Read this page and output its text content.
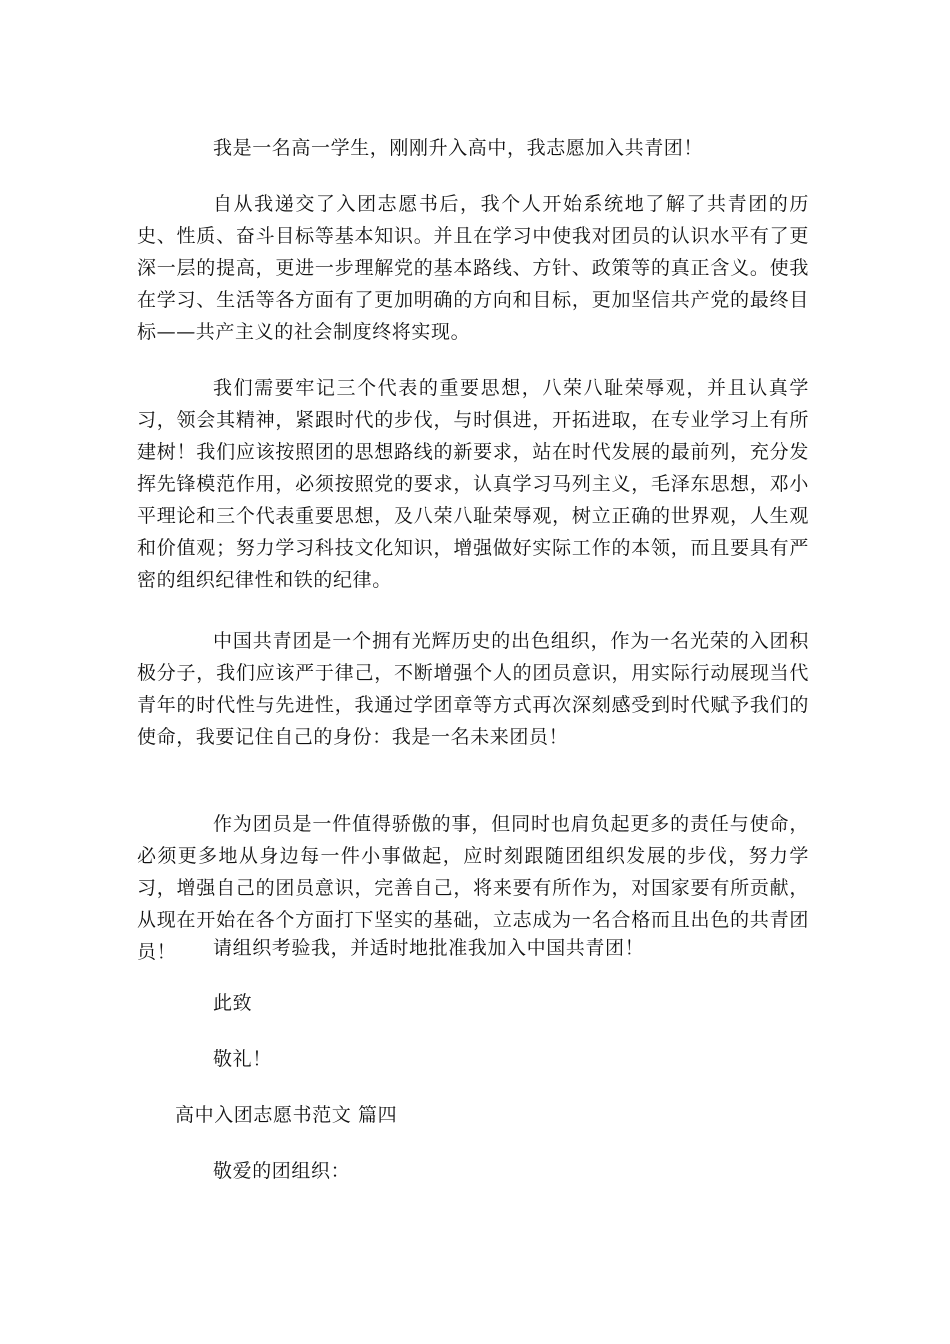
我是一名高一学生，刚刚升入高中，我志愿加入共青团！

自从我递交了入团志愿书后，我个人开始系统地了解了共青团的历史、性质、奋斗目标等基本知识。并且在学习中使我对团员的认识水平有了更深一层的提高，更进一步理解党的基本路线、方针、政策等的真正含义。使我在学习、生活等各方面有了更加明确的方向和目标，更加坚信共产党的最终目标——共产主义的社会制度终将实现。

我们需要牢记三个代表的重要思想，八荣八耻荣辱观，并且认真学习，领会其精神，紧跟时代的步伐，与时俱进，开拓进取，在专业学习上有所建树！我们应该按照团的思想路线的新要求，站在时代发展的最前列，充分发挥先锋模范作用，必须按照党的要求，认真学习马列主义，毛泽东思想，邓小平理论和三个代表重要思想，及八荣八耻荣辱观，树立正确的世界观，人生观和价值观；努力学习科技文化知识，增强做好实际工作的本领，而且要具有严密的组织纪律性和铁的纪律。

中国共青团是一个拥有光辉历史的出色组织，作为一名光荣的入团积极分子，我们应该严于律己，不断增强个人的团员意识，用实际行动展现当代青年的时代性与先进性，我通过学团章等方式再次深刻感受到时代赋予我们的使命，我要记住自己的身份：我是一名未来团员！

作为团员是一件值得骄傲的事，但同时也肩负起更多的责任与使命，必须更多地从身边每一件小事做起，应时刻跟随团组织发展的步伐，努力学习，增强自己的团员意识，完善自己，将来要有所作为，对国家要有所贡献，从现在开始在各个方面打下坚实的基础，立志成为一名合格而且出色的共青团员！	请组织考验我，并适时地批准我加入中国共青团！

此致

敬礼！

高中入团志愿书范文 篇四

敬爱的团组织：
